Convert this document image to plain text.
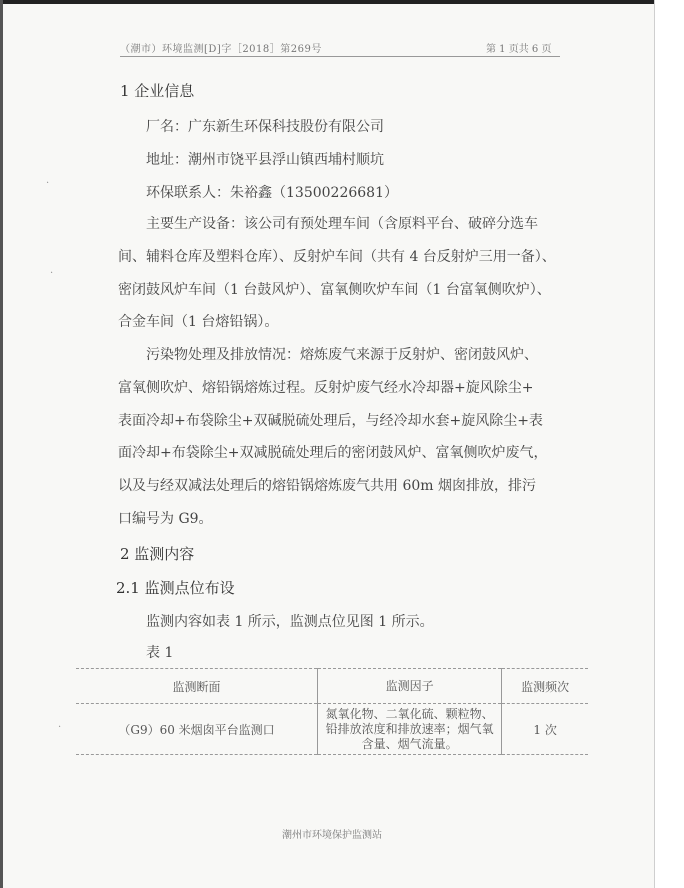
（潮市）环境监测[D]字［2018］第269号	第 1 页共 6 页
1 企业信息
厂名：广东新生环保科技股份有限公司
地址：潮州市饶平县浮山镇西埔村顺坑
环保联系人：朱裕鑫（13500226681）
主要生产设备：该公司有预处理车间（含原料平台、破碎分选车
间、辅料仓库及塑料仓库）、反射炉车间（共有 4 台反射炉三用一备）、
密闭鼓风炉车间（1 台鼓风炉）、富氧侧吹炉车间（1 台富氧侧吹炉）、
合金车间（1 台熔铅锅）。
污染物处理及排放情况：熔炼废气来源于反射炉、密闭鼓风炉、
富氧侧吹炉、熔铅锅熔炼过程。反射炉废气经水冷却器+旋风除尘+
表面冷却+布袋除尘+双碱脱硫处理后，与经冷却水套+旋风除尘+表
面冷却+布袋除尘+双减脱硫处理后的密闭鼓风炉、富氧侧吹炉废气，
以及与经双减法处理后的熔铅锅熔炼废气共用 60m 烟囱排放，排污
口编号为 G9。
2 监测内容
2.1 监测点位布设
监测内容如表 1 所示，监测点位见图 1 所示。
表 1
监测断面	监测因子	监测频次
（G9）60 米烟囱平台监测口	氮氧化物、二氧化硫、颗粒物、
铅排放浓度和排放速率；烟气氧
含量、烟气流量。	1 次
潮州市环境保护监测站
·
·
·
